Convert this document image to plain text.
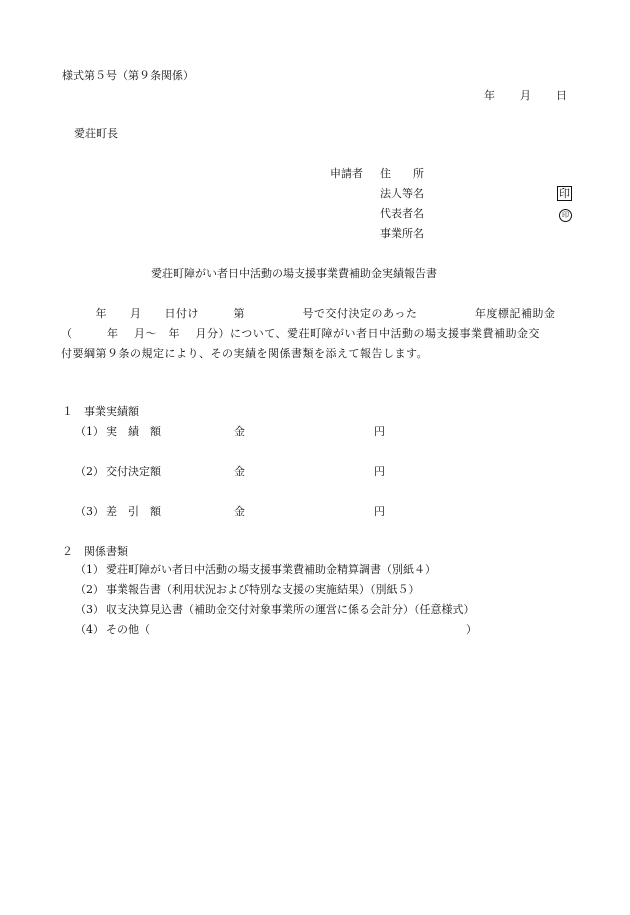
様式第５号（第９条関係）
年　　月　　日
愛荘町長
申請者 住　　所
法人等名	印
代表者名	印
事業所名
愛荘町障がい者日中活動の場支援事業費補助金実績報告書
　　　年　　月　　日付け　　　第　　　　　号で交付決定のあった　　　　　年度標記補助金
（　　　年　 月～　年　 月分）について、愛荘町障がい者日中活動の場支援事業費補助金交
付要綱第９条の規定により、その実績を関係書類を添えて報告します。
１　事業実績額
（1） 実　績　額	金	円
（2） 交付決定額	金	円
（3） 差　引　額	金	円
２　関係書類
（1） 愛荘町障がい者日中活動の場支援事業費補助金精算調書（別紙４）
（2） 事業報告書（利用状況および特別な支援の実施結果）（別紙５）
（3） 収支決算見込書（補助金交付対象事業所の運営に係る会計分）（任意様式）
（4） その他（	）
